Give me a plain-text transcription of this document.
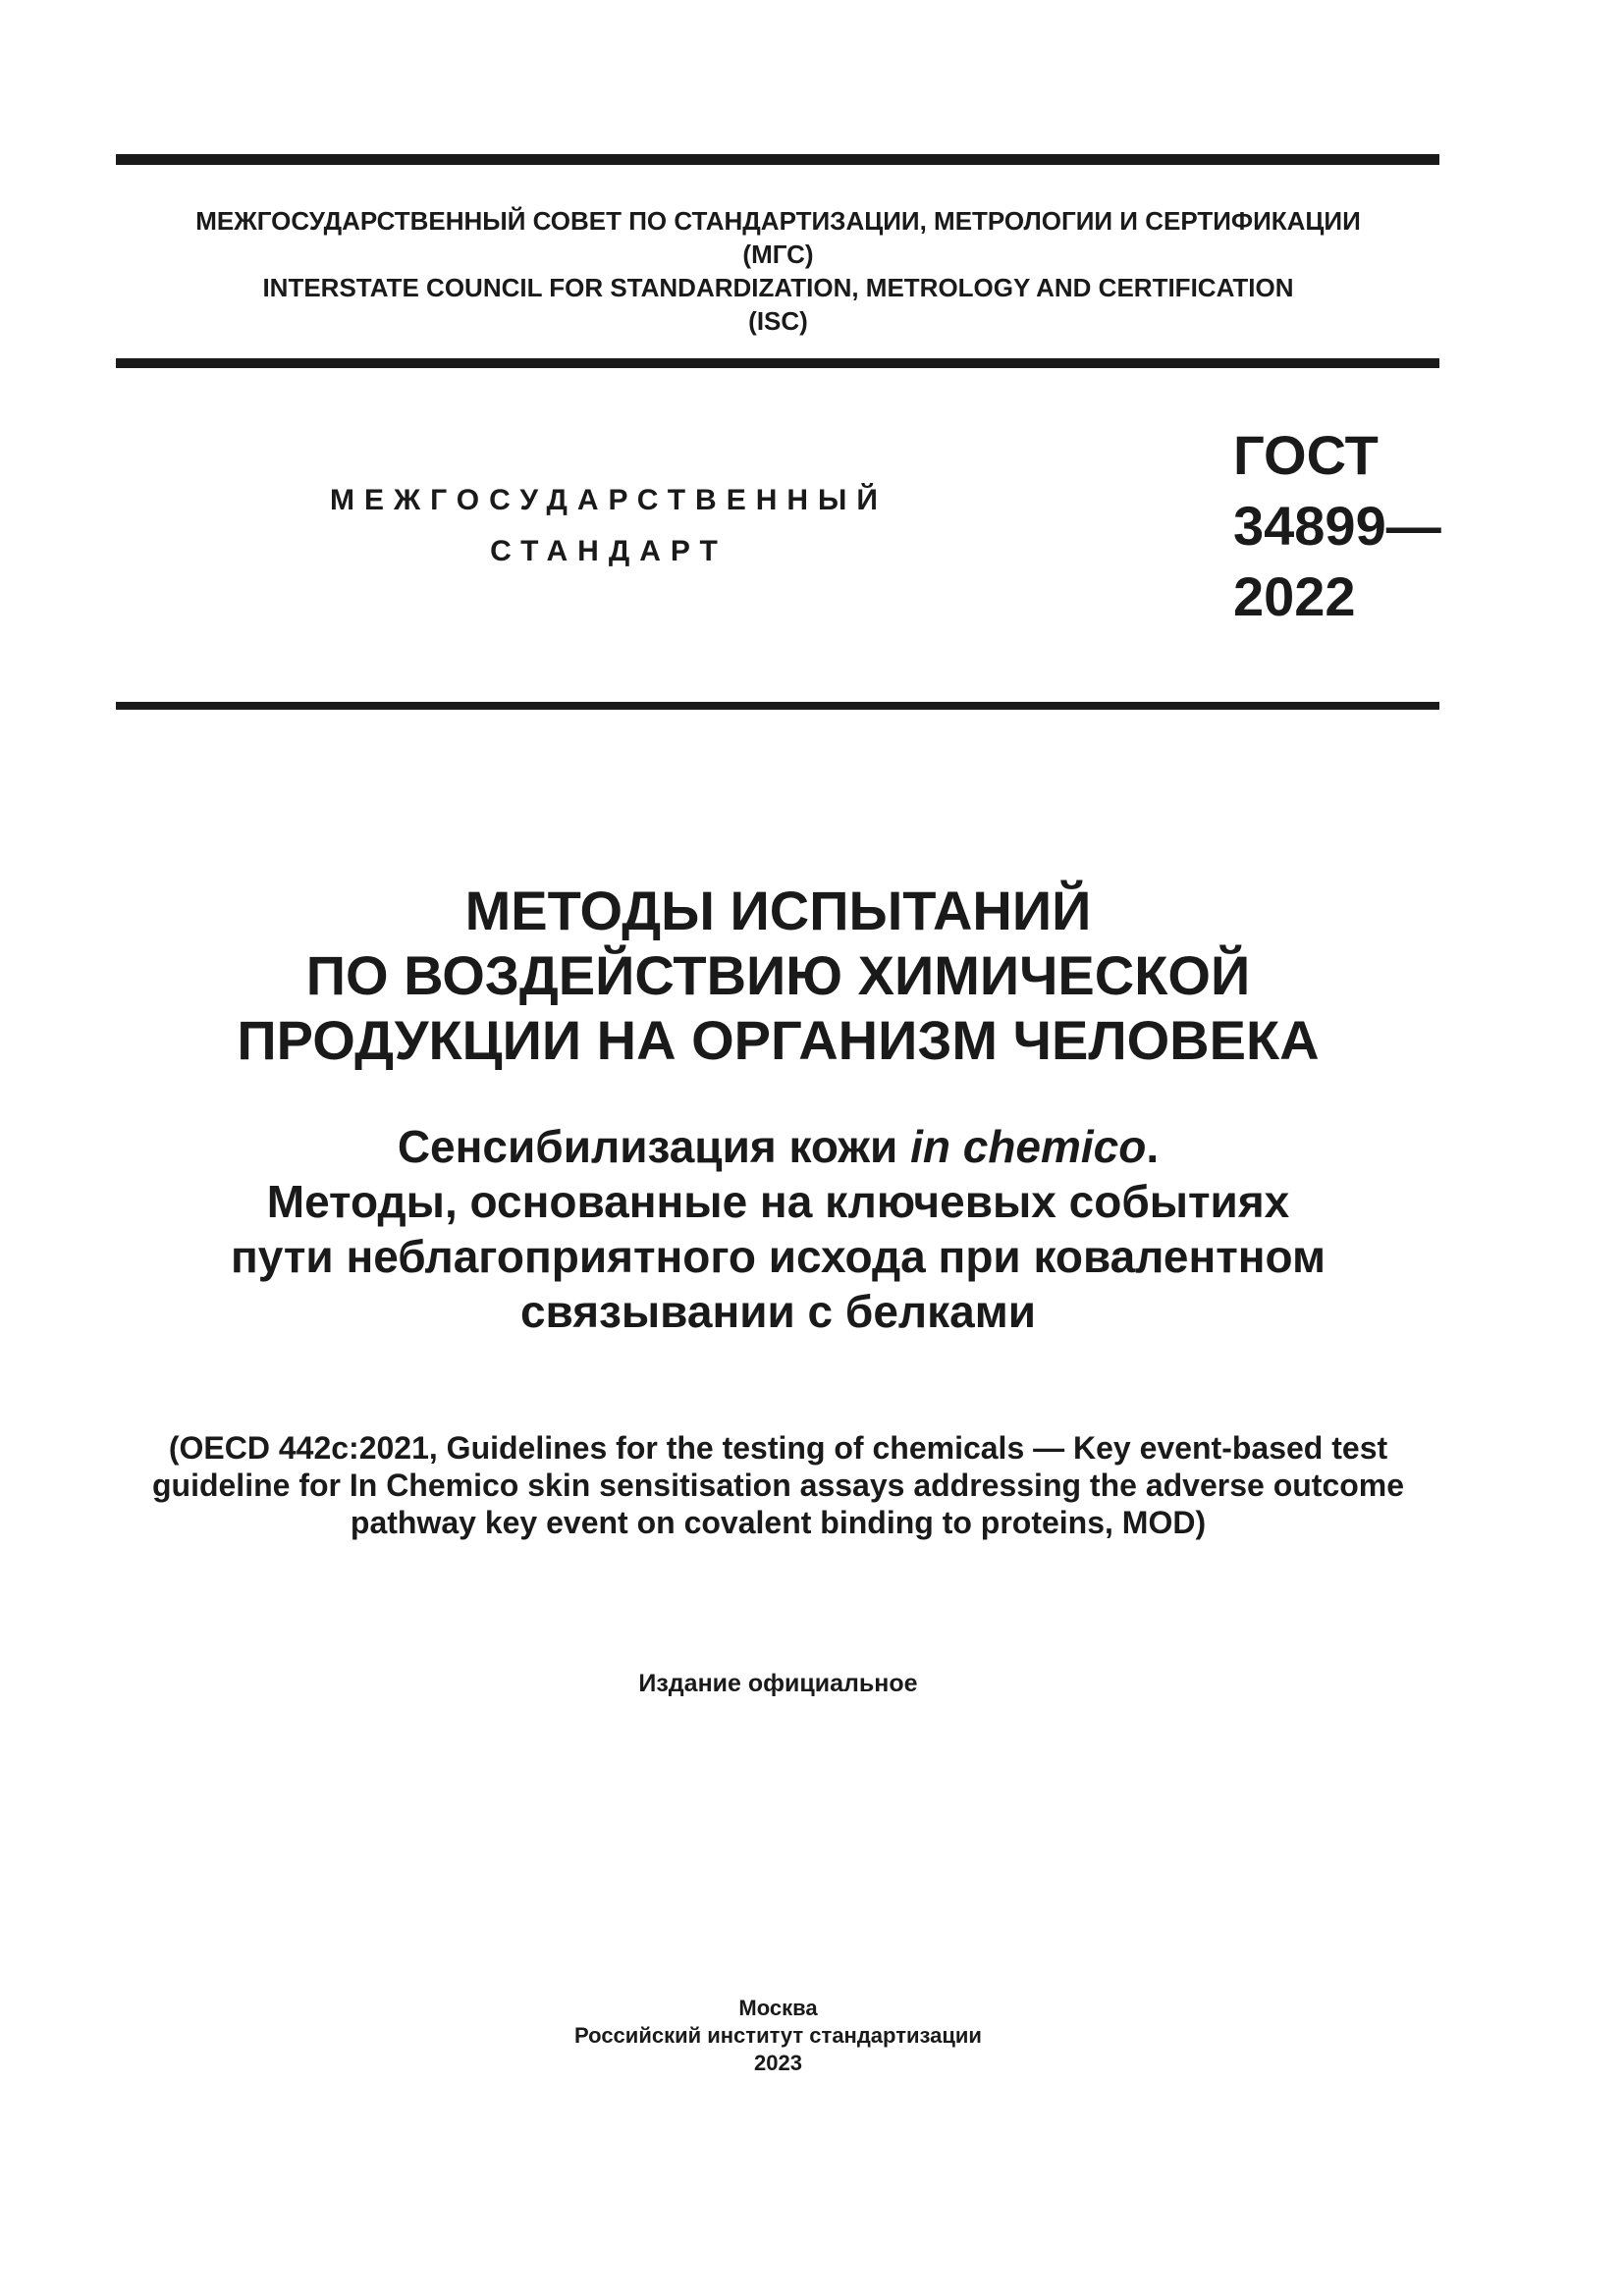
МЕЖГОСУДАРСТВЕННЫЙ СОВЕТ ПО СТАНДАРТИЗАЦИИ, МЕТРОЛОГИИ И СЕРТИФИКАЦИИ
(МГС)
INTERSTATE COUNCIL FOR STANDARDIZATION, METROLOGY AND CERTIFICATION
(ISC)
МЕЖГОСУДАРСТВЕННЫЙ
СТАНДАРТ
ГОСТ
34899—
2022
МЕТОДЫ ИСПЫТАНИЙ
ПО ВОЗДЕЙСТВИЮ ХИМИЧЕСКОЙ
ПРОДУКЦИИ НА ОРГАНИЗМ ЧЕЛОВЕКА
Сенсибилизация кожи in chemico.
Методы, основанные на ключевых событиях
пути неблагоприятного исхода при ковалентном
связывании с белками
(OECD 442c:2021, Guidelines for the testing of chemicals — Key event-based test
guideline for In Chemico skin sensitisation assays addressing the adverse outcome
pathway key event on covalent binding to proteins, MOD)
Издание официальное
Москва
Российский институт стандартизации
2023
